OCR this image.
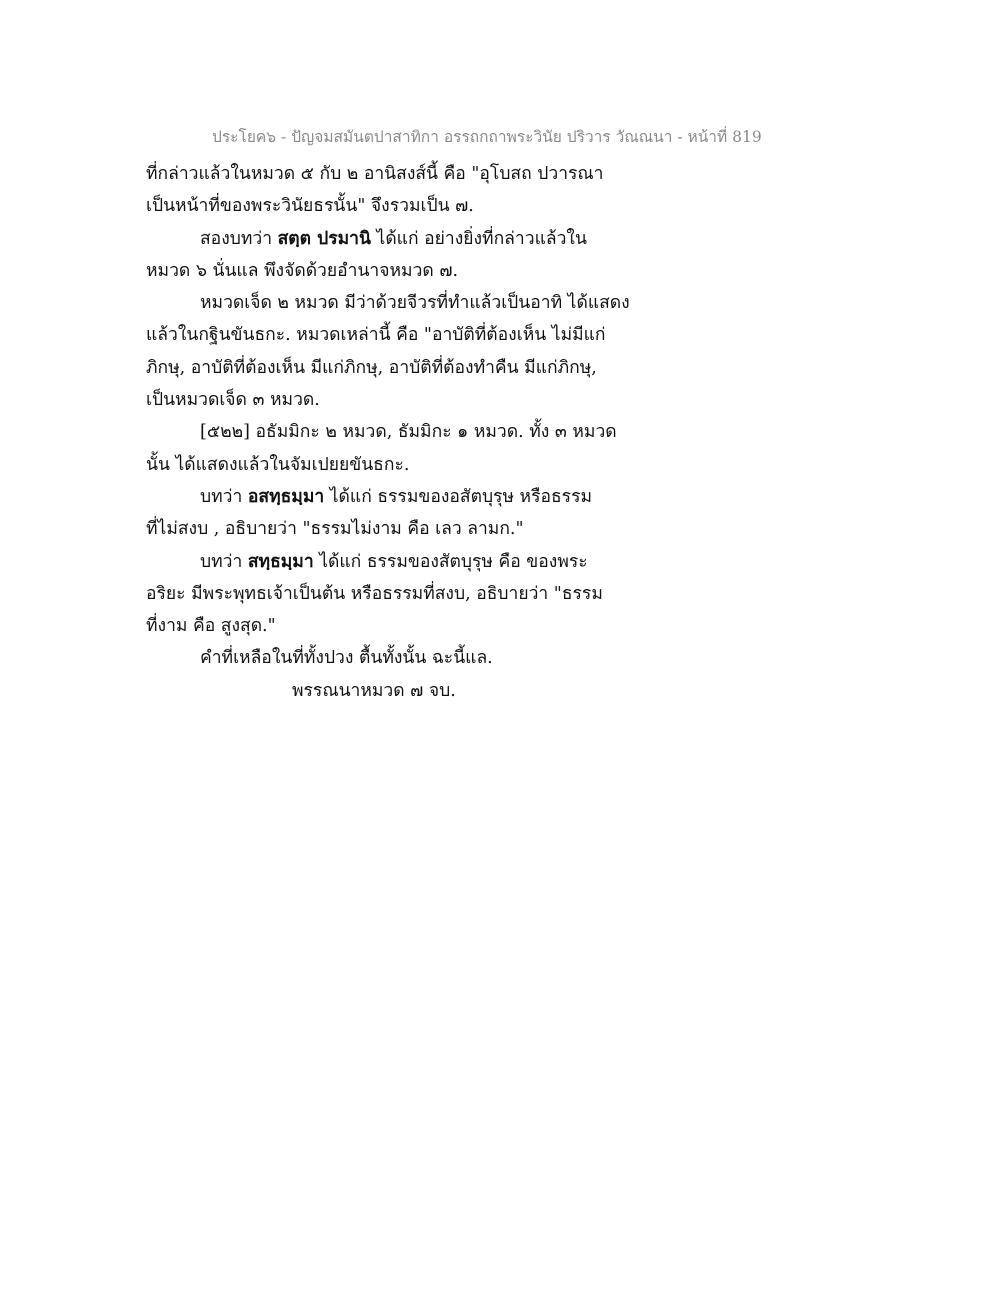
ประโยค๖ - ปัญจมสมันตปาสาทิกา อรรถกถาพระวินัย ปริวาร วัณณนา - หน้าที่ 819
ที่กล่าวแล้วในหมวด ๕ กับ ๒ อานิสงส์นี้ คือ "อุโบสถ ปวารณา
เป็นหน้าที่ของพระวินัยธรนั้น" จึงรวมเป็น ๗.
สองบทว่า สตฺต ปรมานิ ได้แก่ อย่างยิ่งที่กล่าวแล้วใน
หมวด ๖ นั่นแล พึงจัดด้วยอำนาจหมวด ๗.
หมวดเจ็ด ๒ หมวด มีว่าด้วยจีวรที่ทำแล้วเป็นอาทิ ได้แสดง
แล้วในกฐินขันธกะ. หมวดเหล่านี้ คือ "อาบัติที่ต้องเห็น ไม่มีแก่
ภิกษุ, อาบัติที่ต้องเห็น มีแก่ภิกษุ, อาบัติที่ต้องทำคืน มีแก่ภิกษุ,
เป็นหมวดเจ็ด ๓ หมวด.
[๕๒๒] อธัมมิกะ ๒ หมวด, ธัมมิกะ ๑ หมวด. ทั้ง ๓ หมวด
นั้น ได้แสดงแล้วในจัมเปยยขันธกะ.
บทว่า อสทฺธมฺมา ได้แก่ ธรรมของอสัตบุรุษ หรือธรรม
ที่ไม่สงบ , อธิบายว่า "ธรรมไม่งาม คือ เลว ลามก."
บทว่า สทฺธมฺมา ได้แก่ ธรรมของสัตบุรุษ คือ ของพระ
อริยะ มีพระพุทธเจ้าเป็นต้น หรือธรรมที่สงบ, อธิบายว่า "ธรรม
ที่งาม คือ สูงสุด."
คำที่เหลือในที่ทั้งปวง ตื้นทั้งนั้น ฉะนี้แล.
พรรณนาหมวด ๗ จบ.
